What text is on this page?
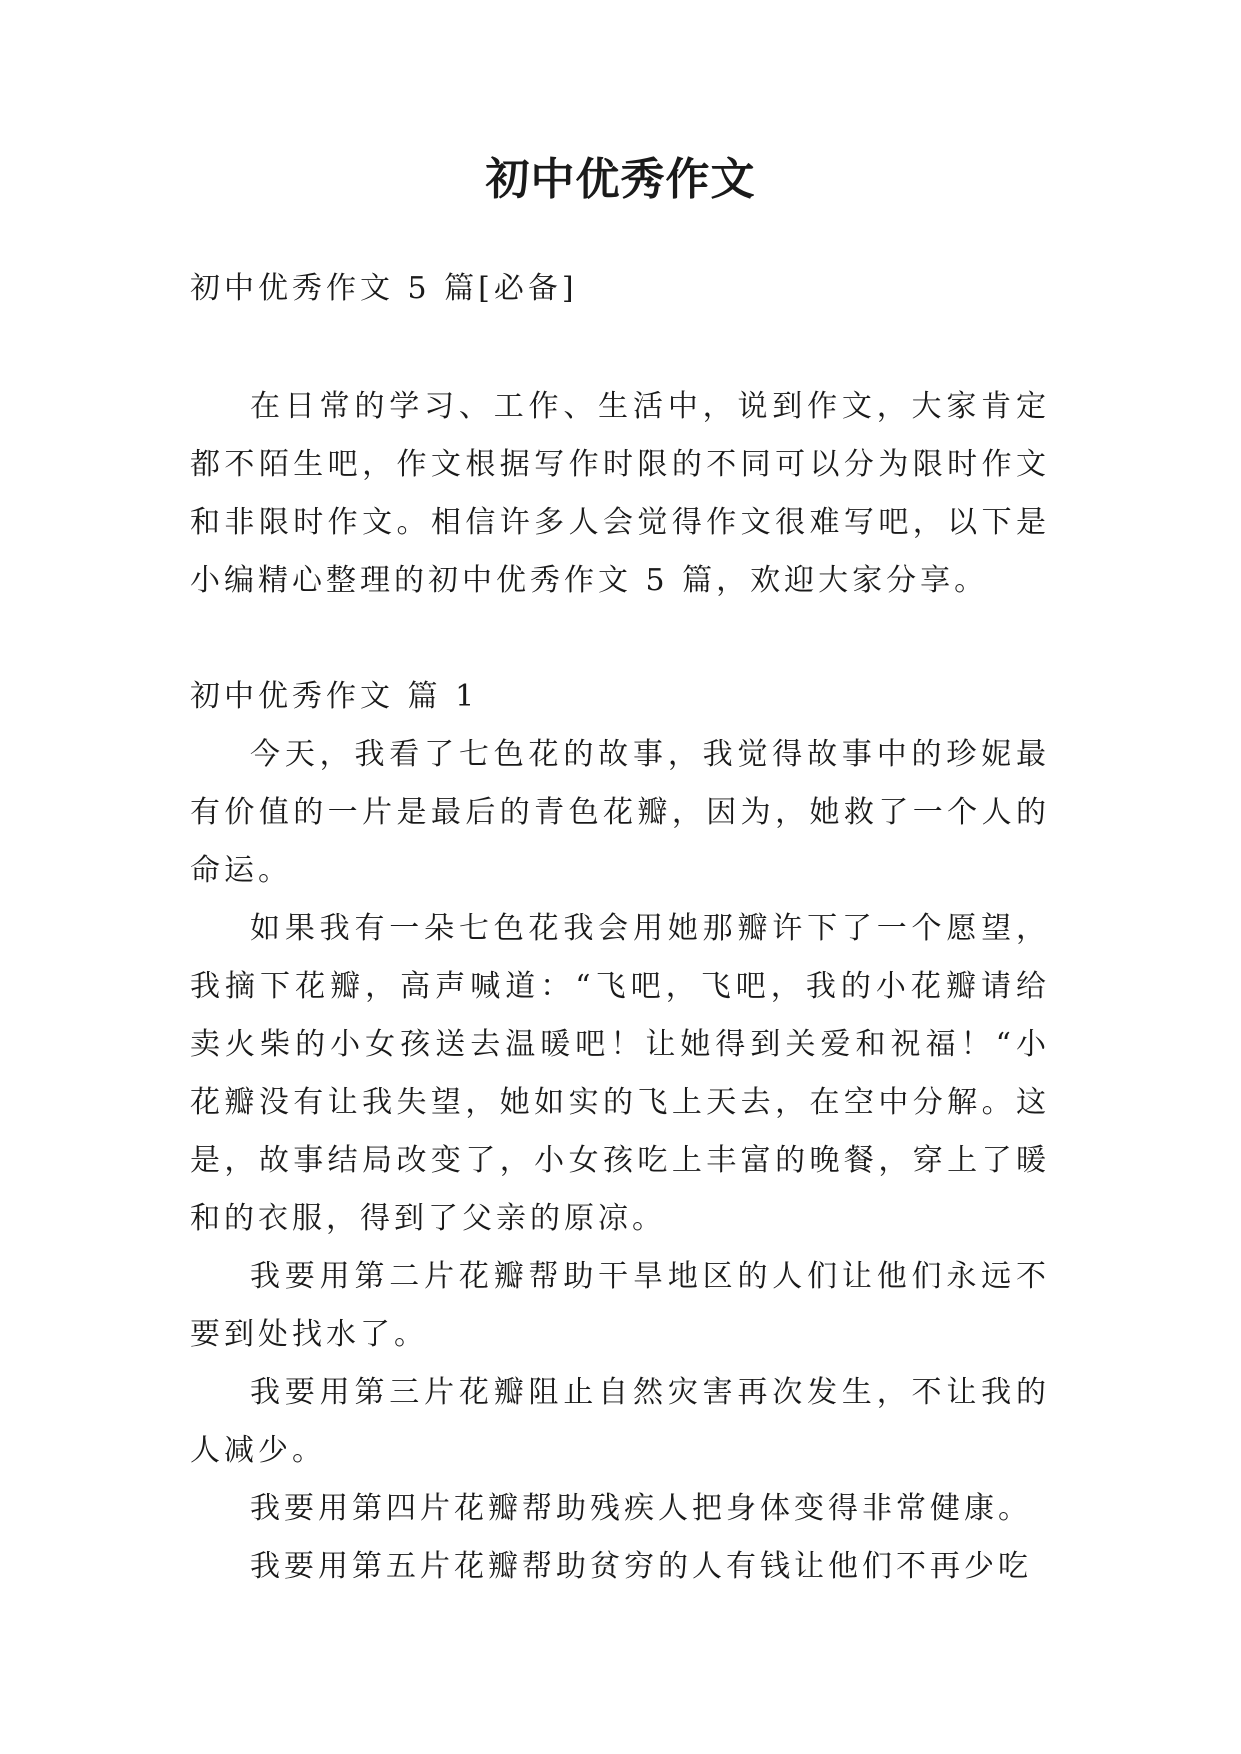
初中优秀作文

初中优秀作文 5 篇[必备]

在日常的学习、工作、生活中，说到作文，大家肯定都不陌生吧，作文根据写作时限的不同可以分为限时作文和非限时作文。相信许多人会觉得作文很难写吧，以下是小编精心整理的初中优秀作文 5 篇，欢迎大家分享。

初中优秀作文 篇 1

今天，我看了七色花的故事，我觉得故事中的珍妮最有价值的一片是最后的青色花瓣，因为，她救了一个人的命运。

如果我有一朵七色花我会用她那瓣许下了一个愿望，我摘下花瓣，高声喊道：“飞吧，飞吧，我的小花瓣请给卖火柴的小女孩送去温暖吧！让她得到关爱和祝福！“小花瓣没有让我失望，她如实的飞上天去，在空中分解。这是，故事结局改变了，小女孩吃上丰富的晚餐，穿上了暖和的衣服，得到了父亲的原凉。

我要用第二片花瓣帮助干旱地区的人们让他们永远不要到处找水了。

我要用第三片花瓣阻止自然灾害再次发生，不让我的人减少。

我要用第四片花瓣帮助残疾人把身体变得非常健康。

我要用第五片花瓣帮助贫穷的人有钱让他们不再少吃
